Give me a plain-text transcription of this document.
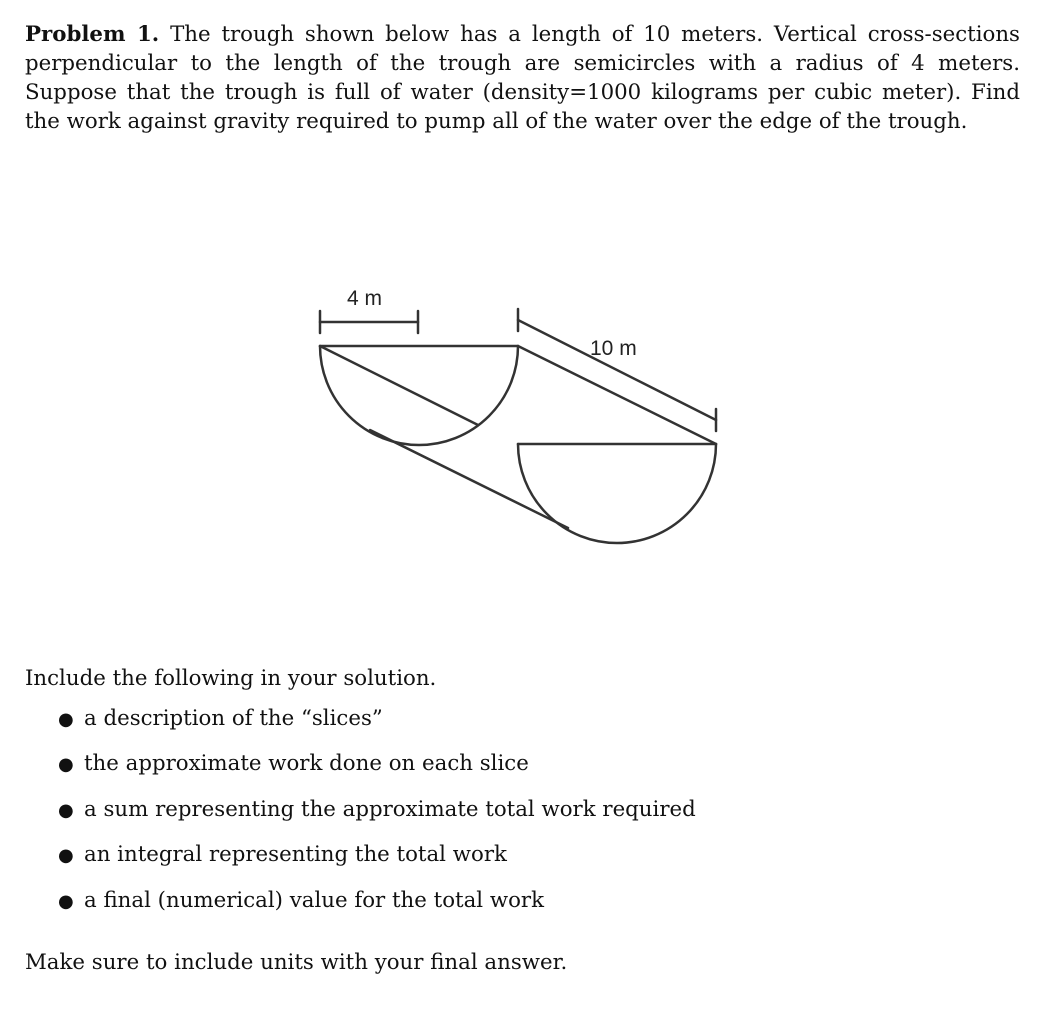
Problem 1. The trough shown below has a length of 10 meters. Vertical cross-sections perpendicular to the length of the trough are semicircles with a radius of 4 meters. Suppose that the trough is full of water (density=1000 kilograms per cubic meter). Find the work against gravity required to pump all of the water over the edge of the trough.

4 m
10 m

Include the following in your solution.

● a description of the “slices”
● the approximate work done on each slice
● a sum representing the approximate total work required
● an integral representing the total work
● a final (numerical) value for the total work

Make sure to include units with your final answer.
